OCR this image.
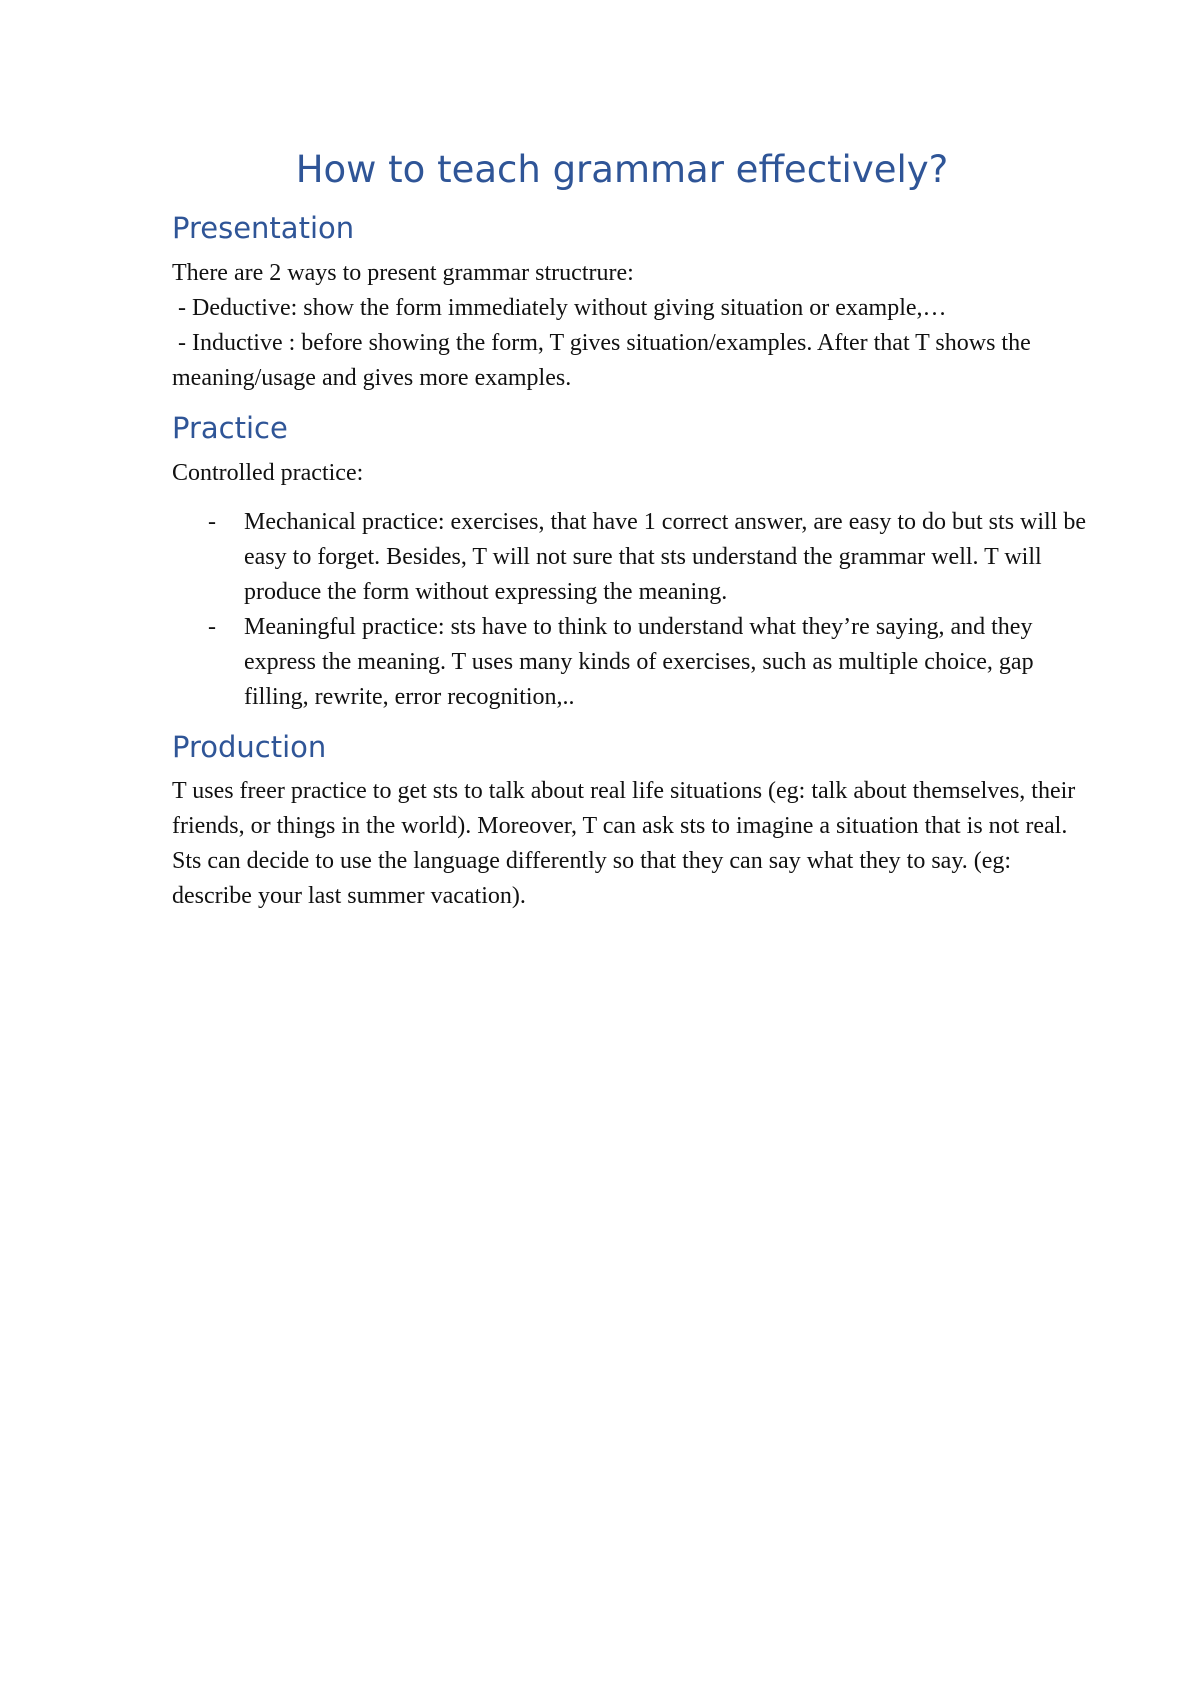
How to teach grammar effectively?
Presentation

There are 2 ways to present grammar structrure:

- Deductive: show the form immediately without giving situation or example,…

- Inductive : before showing the form, T gives situation/examples. After that T shows the meaning/usage and gives more examples.

Practice

Controlled practice:

- Mechanical practice: exercises, that have 1 correct answer, are easy to do but sts will be easy to forget. Besides, T will not sure that sts understand the grammar well. T will produce the form without expressing the meaning.
- Meaningful practice: sts have to think to understand what they’re saying, and they express the meaning. T uses many kinds of exercises, such as multiple choice, gap filling, rewrite, error recognition,..
Production

T uses freer practice to get sts to talk about real life situations (eg: talk about themselves, their friends, or things in the world). Moreover, T can ask sts to imagine a situation that is not real. Sts can decide to use the language differently so that they can say what they to say. (eg: describe your last summer vacation).
